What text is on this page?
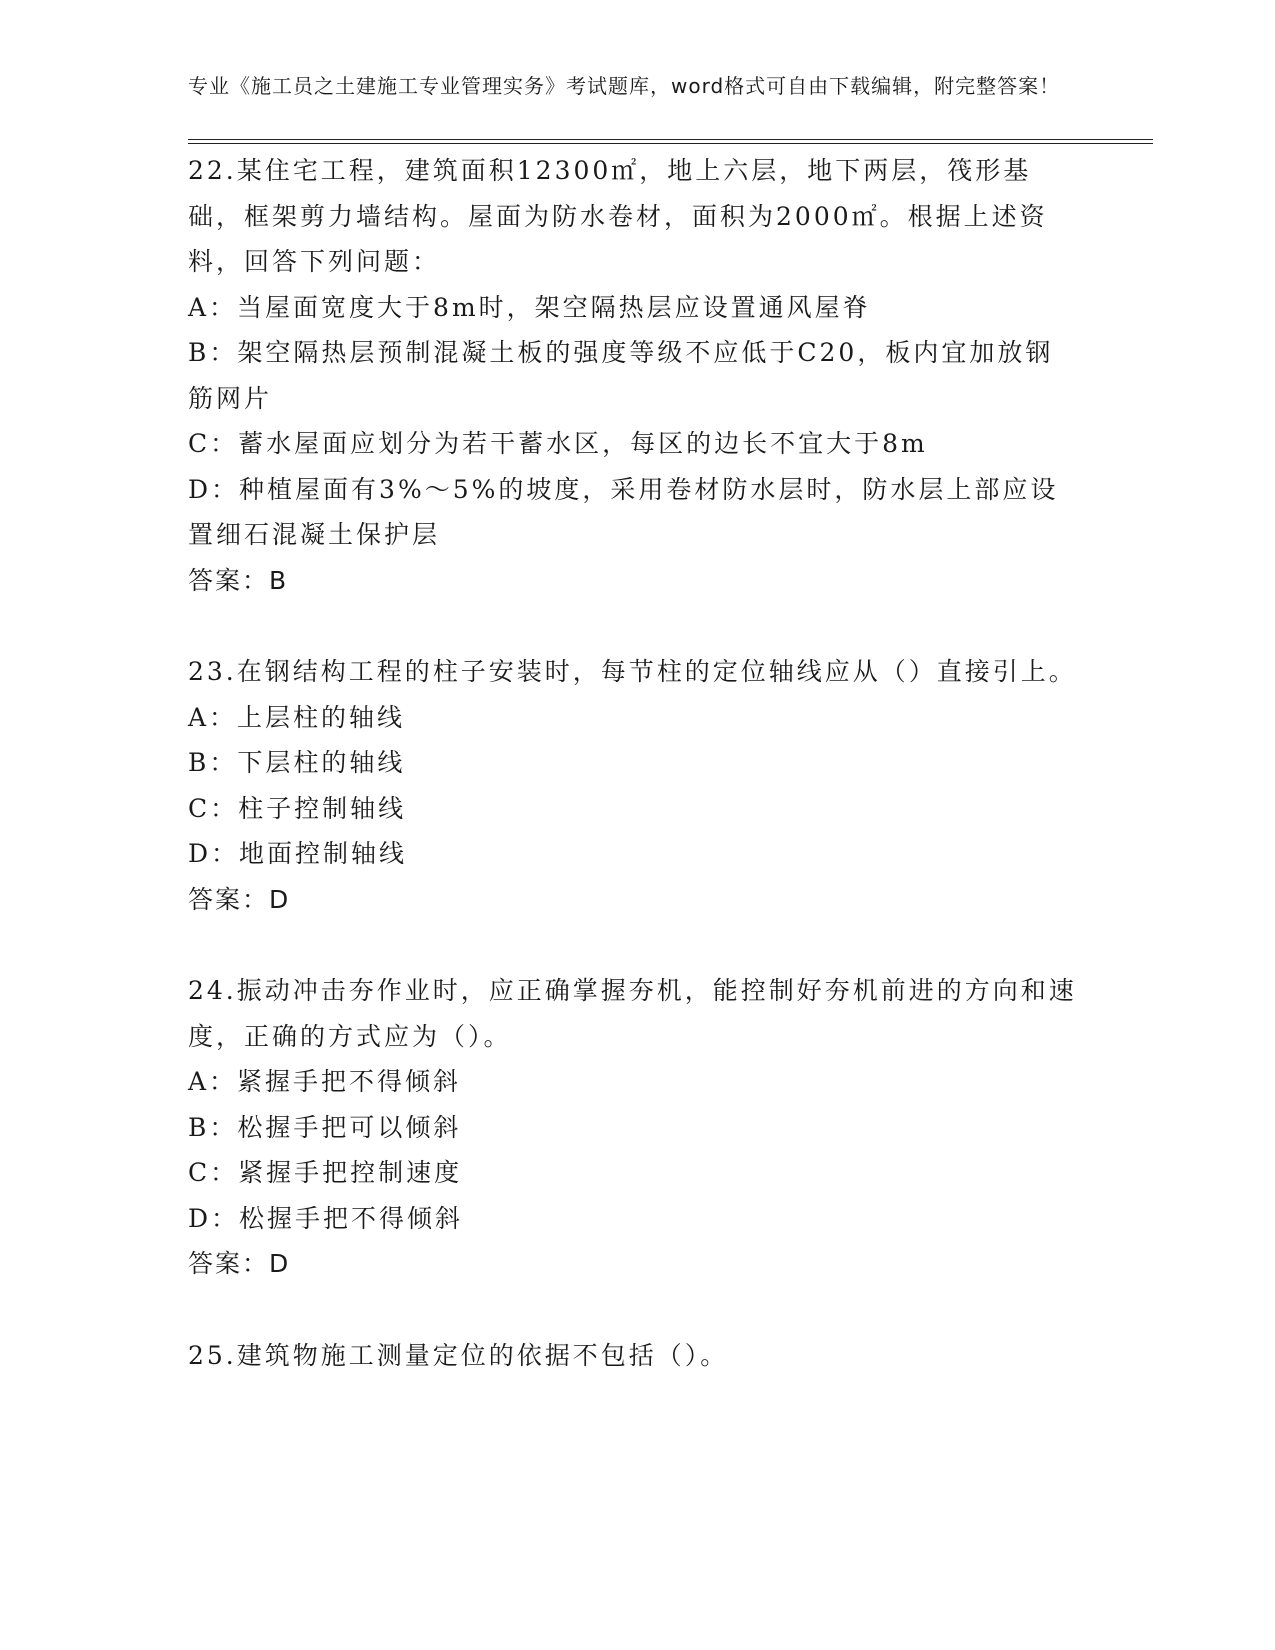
专业《施工员之土建施工专业管理实务》考试题库，word格式可自由下载编辑，附完整答案！

22.某住宅工程，建筑面积12300㎡，地上六层，地下两层，筏形基础，框架剪力墙结构。屋面为防水卷材，面积为2000㎡。根据上述资料，回答下列问题：

A：当屋面宽度大于8m时，架空隔热层应设置通风屋脊

B：架空隔热层预制混凝土板的强度等级不应低于C20，板内宜加放钢筋网片

C：蓄水屋面应划分为若干蓄水区，每区的边长不宜大于8m

D：种植屋面有3%～5%的坡度，采用卷材防水层时，防水层上部应设置细石混凝土保护层

答案：B

23.在钢结构工程的柱子安装时，每节柱的定位轴线应从（）直接引上。

A：上层柱的轴线

B：下层柱的轴线

C：柱子控制轴线

D：地面控制轴线

答案：D

24.振动冲击夯作业时，应正确掌握夯机，能控制好夯机前进的方向和速度，正确的方式应为（）。

A：紧握手把不得倾斜

B：松握手把可以倾斜

C：紧握手把控制速度

D：松握手把不得倾斜

答案：D

25.建筑物施工测量定位的依据不包括（）。
